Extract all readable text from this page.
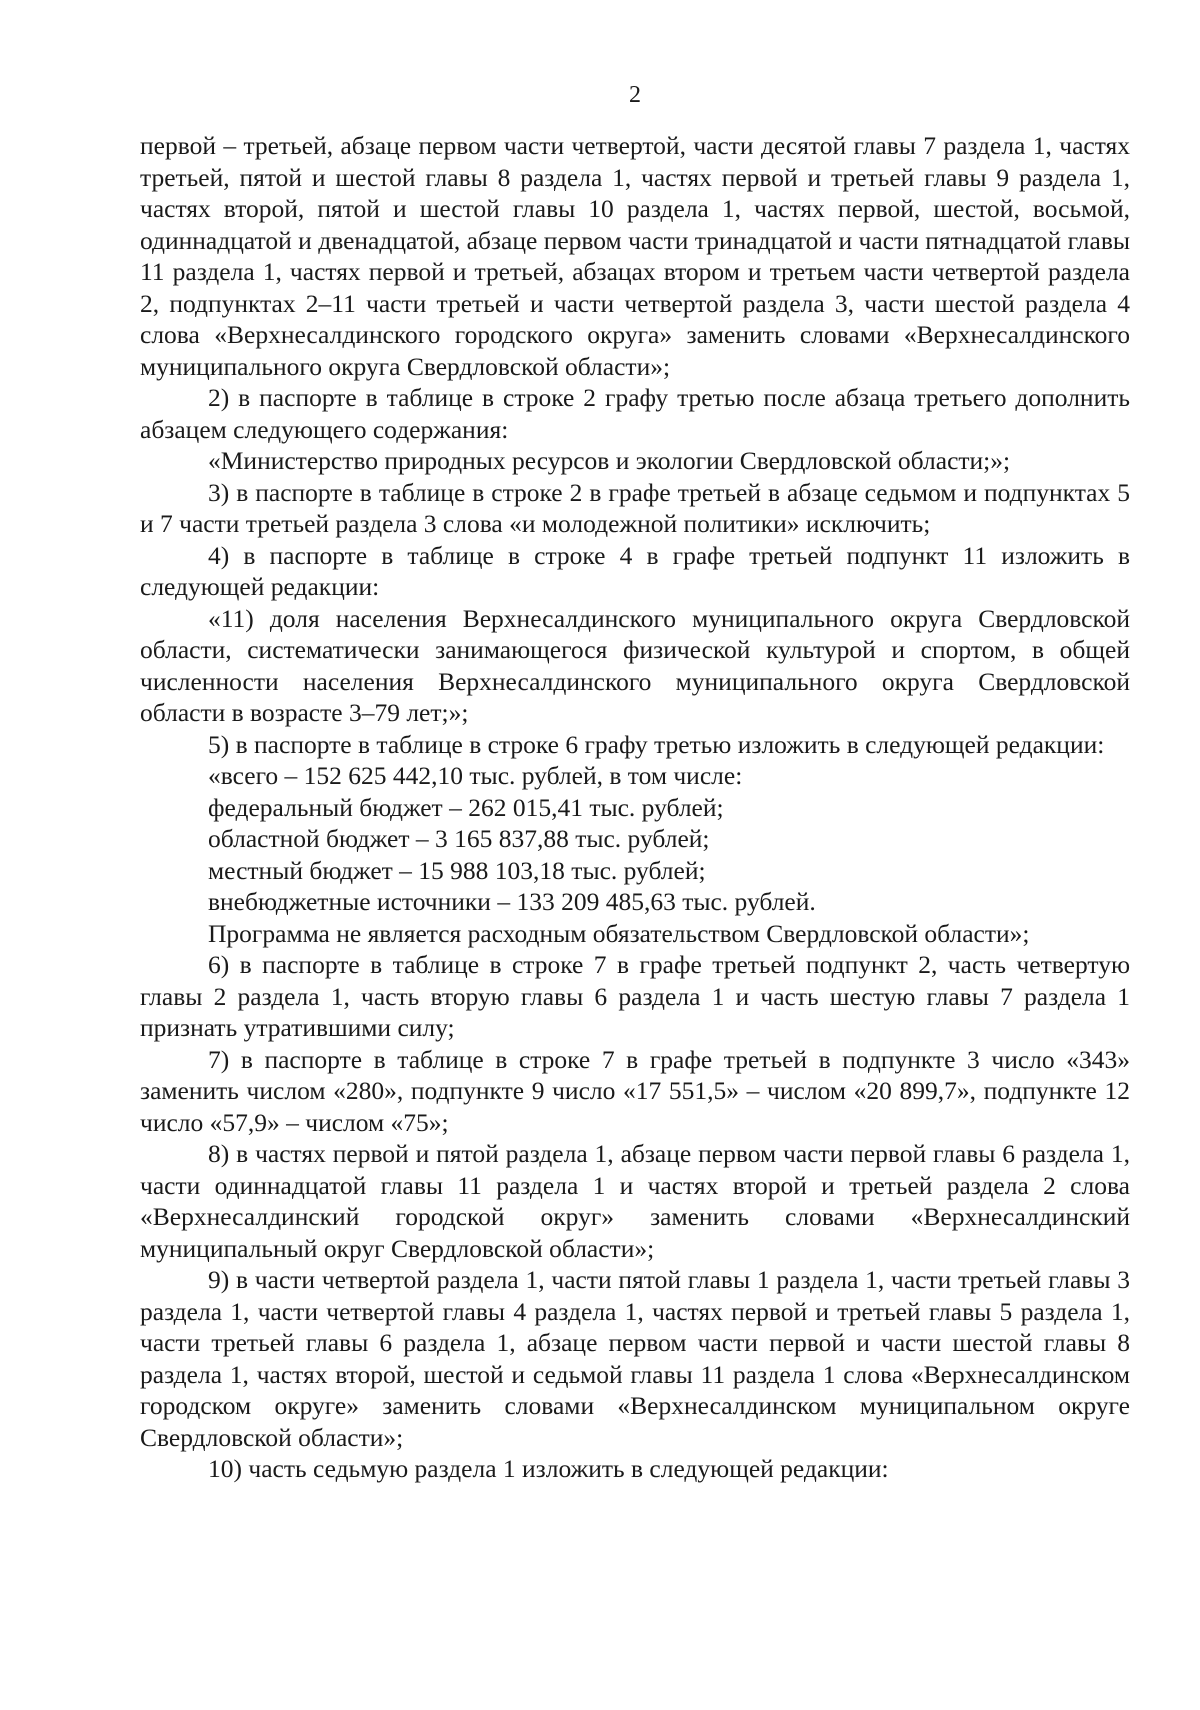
2

первой – третьей, абзаце первом части четвертой, части десятой главы 7 раздела 1, частях третьей, пятой и шестой главы 8 раздела 1, частях первой и третьей главы 9 раздела 1, частях второй, пятой и шестой главы 10 раздела 1, частях первой, шестой, восьмой, одиннадцатой и двенадцатой, абзаце первом части тринадцатой и части пятнадцатой главы 11 раздела 1, частях первой и третьей, абзацах втором и третьем части четвертой раздела 2, подпунктах 2–11 части третьей и части четвертой раздела 3, части шестой раздела 4 слова «Верхнесалдинского городского округа» заменить словами «Верхнесалдинского муниципального округа Свердловской области»;

2) в паспорте в таблице в строке 2 графу третью после абзаца третьего дополнить абзацем следующего содержания:

«Министерство природных ресурсов и экологии Свердловской области;»;

3) в паспорте в таблице в строке 2 в графе третьей в абзаце седьмом и подпунктах 5 и 7 части третьей раздела 3 слова «и молодежной политики» исключить;

4) в паспорте в таблице в строке 4 в графе третьей подпункт 11 изложить в следующей редакции:

«11) доля населения Верхнесалдинского муниципального округа Свердловской области, систематически занимающегося физической культурой и спортом, в общей численности населения Верхнесалдинского муниципального округа Свердловской области в возрасте 3–79 лет;»;

5) в паспорте в таблице в строке 6 графу третью изложить в следующей редакции:

«всего – 152 625 442,10 тыс. рублей, в том числе:

федеральный бюджет – 262 015,41 тыс. рублей;

областной бюджет – 3 165 837,88 тыс. рублей;

местный бюджет – 15 988 103,18 тыс. рублей;

внебюджетные источники – 133 209 485,63 тыс. рублей.

Программа не является расходным обязательством Свердловской области»;

6) в паспорте в таблице в строке 7 в графе третьей подпункт 2, часть четвертую главы 2 раздела 1, часть вторую главы 6 раздела 1 и часть шестую главы 7 раздела 1 признать утратившими силу;

7) в паспорте в таблице в строке 7 в графе третьей в подпункте 3 число «343» заменить числом «280», подпункте 9 число «17 551,5» – числом «20 899,7», подпункте 12 число «57,9» – числом «75»;

8) в частях первой и пятой раздела 1, абзаце первом части первой главы 6 раздела 1, части одиннадцатой главы 11 раздела 1 и частях второй и третьей раздела 2 слова «Верхнесалдинский городской округ» заменить словами «Верхнесалдинский муниципальный округ Свердловской области»;

9) в части четвертой раздела 1, части пятой главы 1 раздела 1, части третьей главы 3 раздела 1, части четвертой главы 4 раздела 1, частях первой и третьей главы 5 раздела 1, части третьей главы 6 раздела 1, абзаце первом части первой и части шестой главы 8 раздела 1, частях второй, шестой и седьмой главы 11 раздела 1 слова «Верхнесалдинском городском округе» заменить словами «Верхнесалдинском муниципальном округе Свердловской области»;

10) часть седьмую раздела 1 изложить в следующей редакции:
